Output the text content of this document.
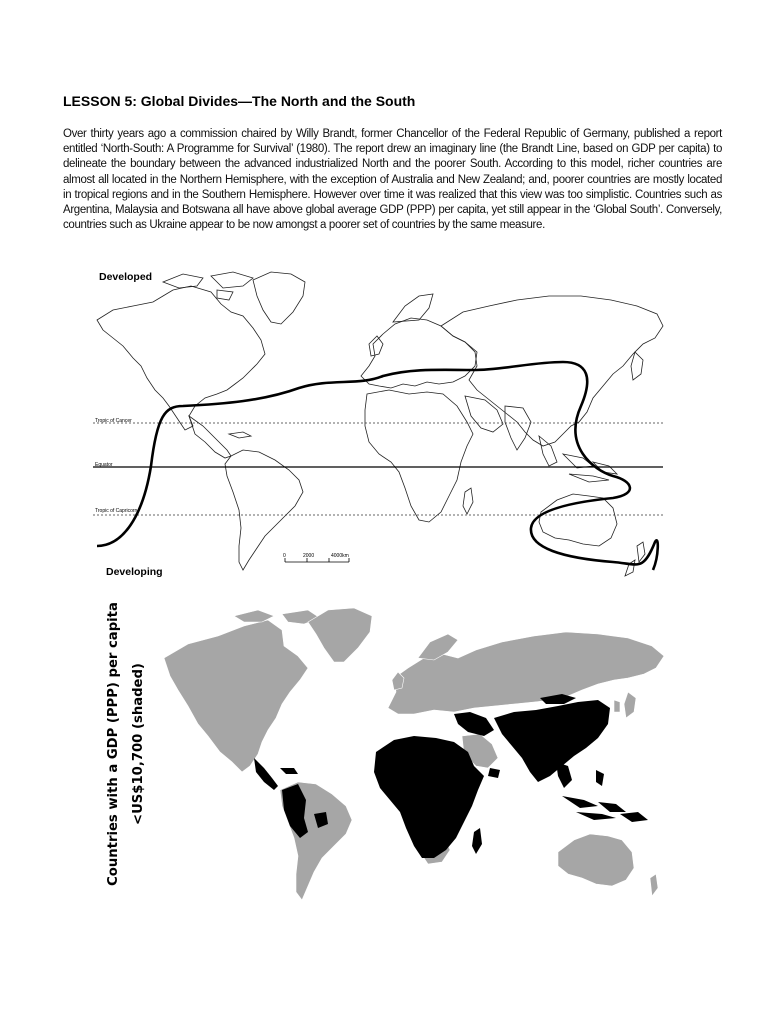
LESSON 5: Global Divides—The North and the South

Over thirty years ago a commission chaired by Willy Brandt, former Chancellor of the Federal Republic of Germany, published a report entitled ‘North-South: A Programme for Survival’ (1980). The report drew an imaginary line (the Brandt Line, based on GDP per capita) to delineate the boundary between the advanced industrialized North and the poorer South. According to this model, richer countries are almost all located in the Northern Hemisphere, with the exception of Australia and New Zealand; and, poorer countries are mostly located in tropical regions and in the Southern Hemisphere. However over time it was realized that this view was too simplistic. Countries such as Argentina, Malaysia and Botswana all have above global average GDP (PPP) per capita, yet still appear in the ‘Global South’. Conversely, countries such as Ukraine appear to be now amongst a poorer set of countries by the same measure.

Tropic of Cancer

Equator

Tropic of Capricorn

0	2000	4000km

Developed

Developing

Countries with a GDP (PPP) per capita <US$10,700 (shaded)
